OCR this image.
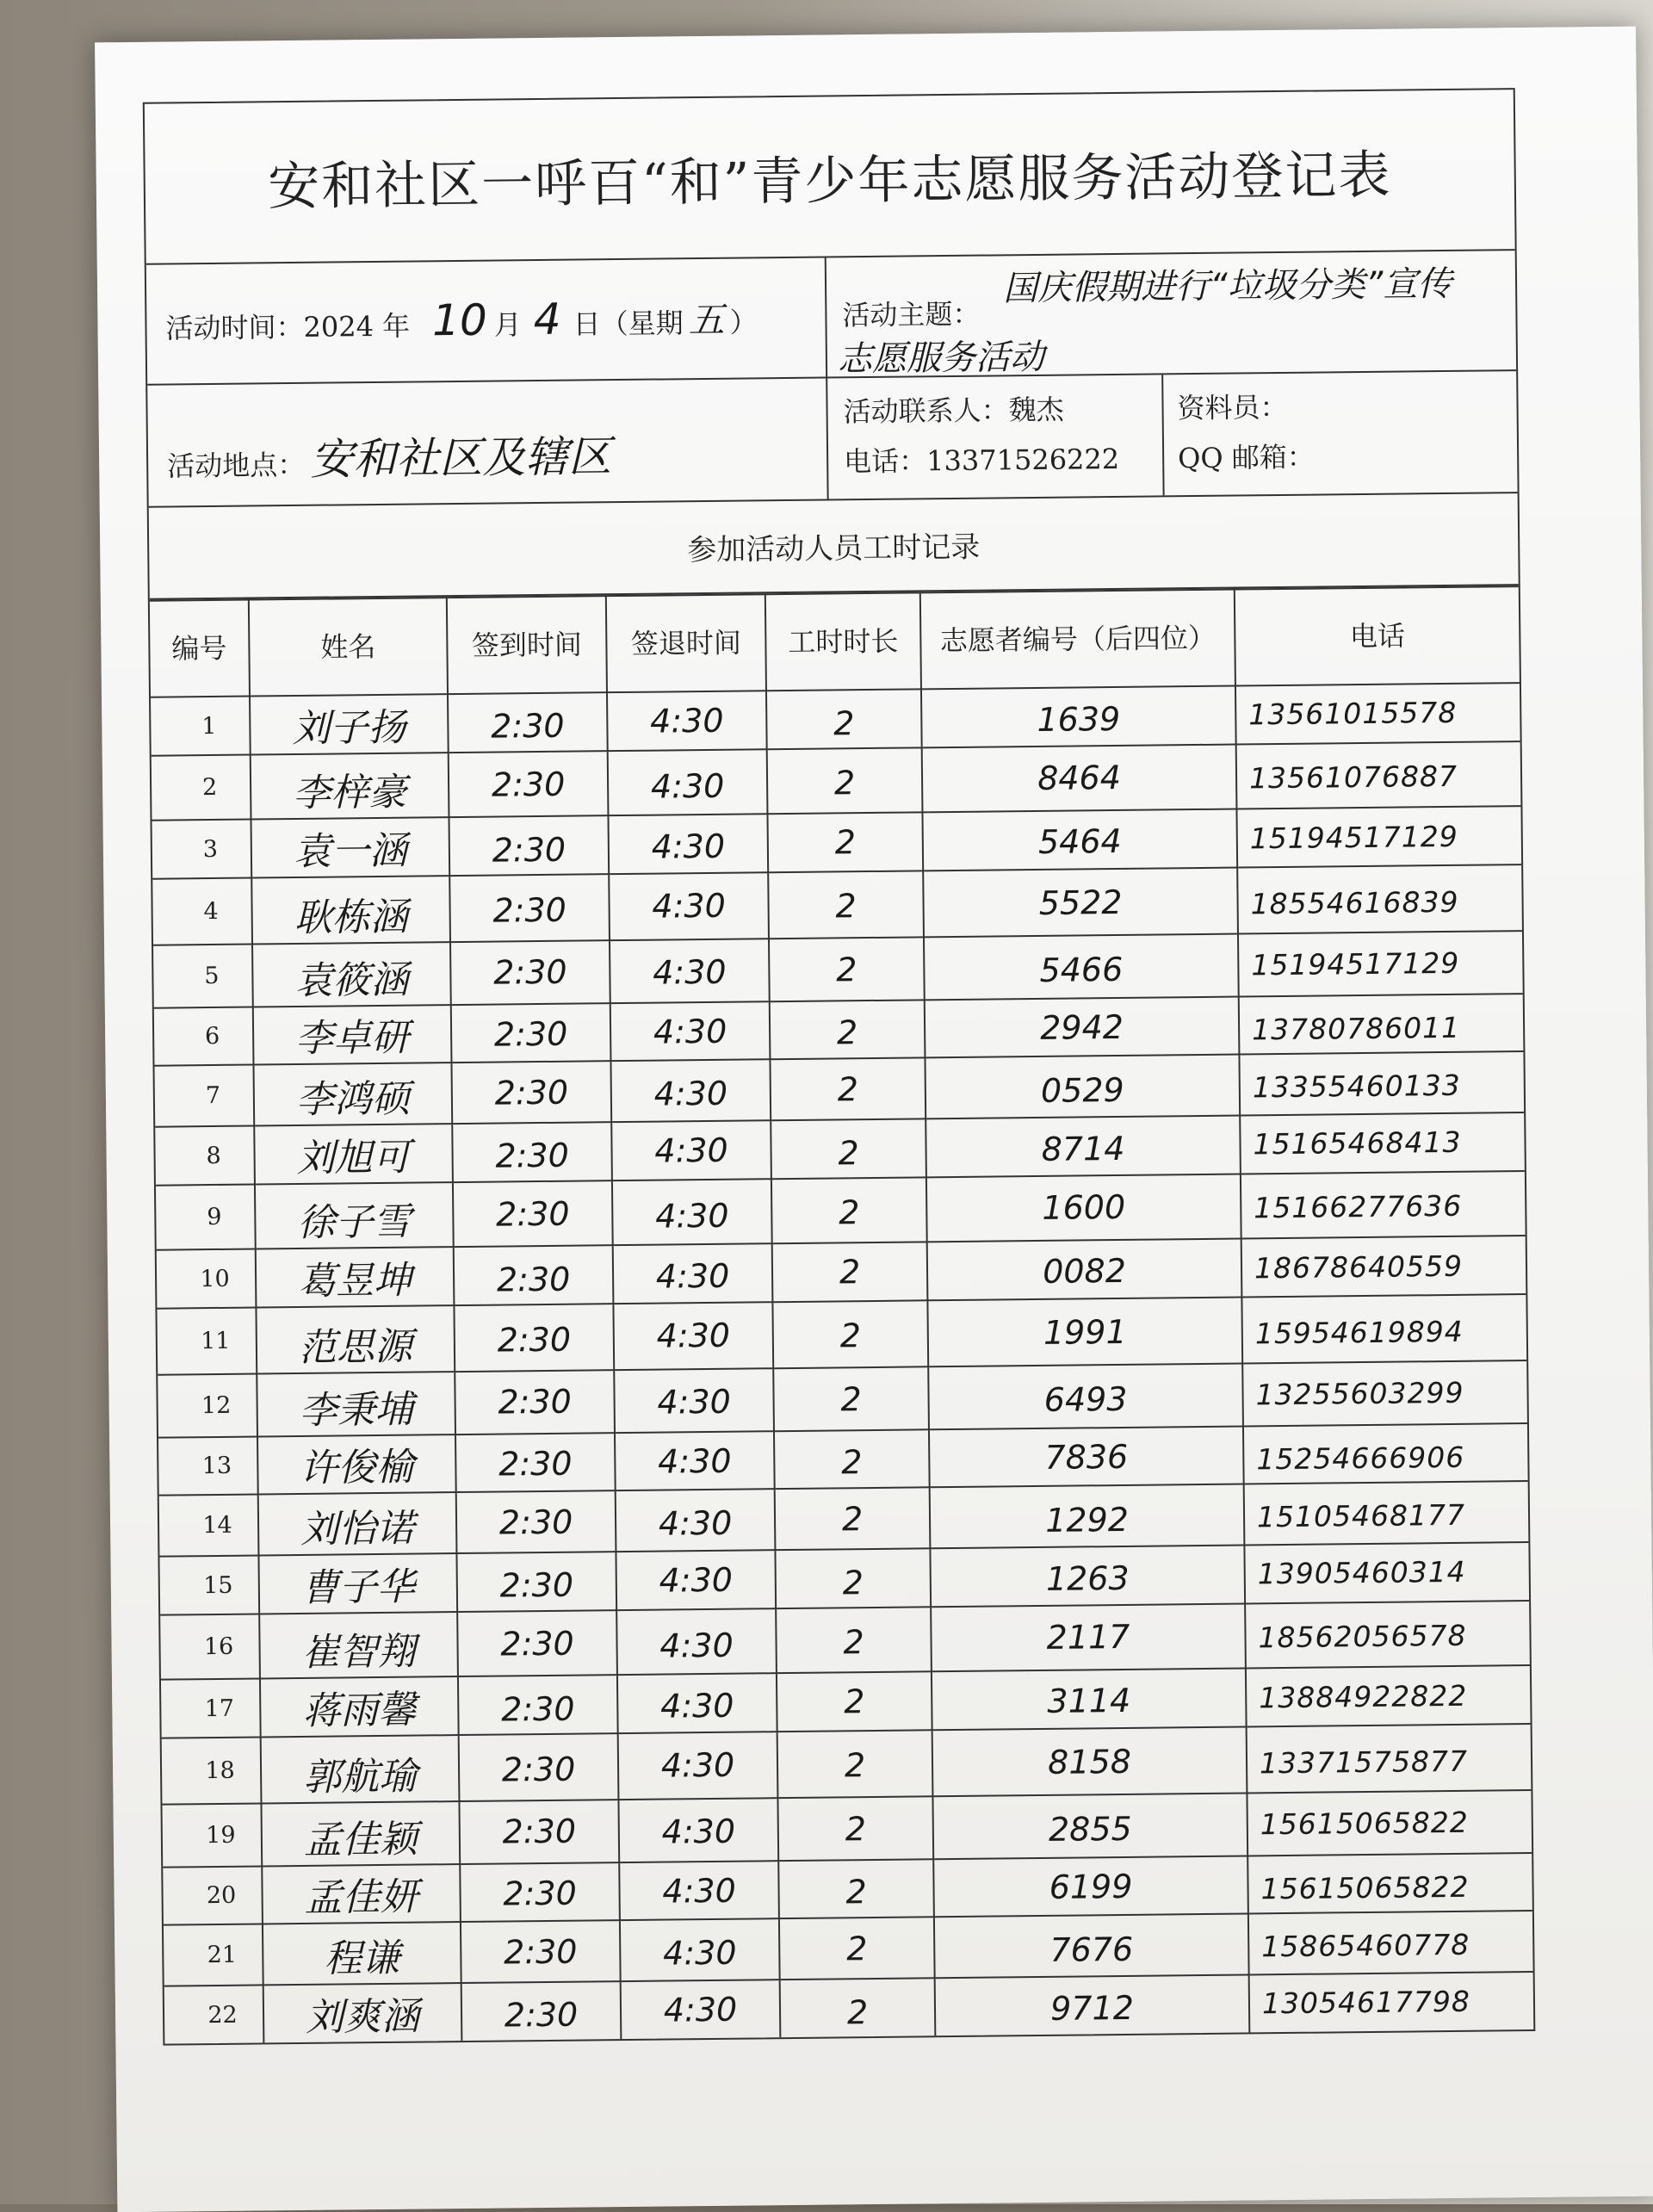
安和社区一呼百“和”青少年志愿服务活动登记表
活动时间：2024 年 10 月 4 日（星期 五 ）	活动主题：
国庆假期进行“垃圾分类”宣传
志愿服务活动
活动地点： 安和社区及辖区
活动联系人：魏杰
电话：13371526222
资料员：
QQ 邮箱：
参加活动人员工时记录
编号	姓名	签到时间	签退时间	工时时长	志愿者编号（后四位）	电话
1	刘子扬	2:30	4:30	2	1639	13561015578
2	李梓豪	2:30	4:30	2	8464	13561076887
3	袁一涵	2:30	4:30	2	5464	15194517129
4	耿栋涵	2:30	4:30	2	5522	18554616839
5	袁筱涵	2:30	4:30	2	5466	15194517129
6	李卓研	2:30	4:30	2	2942	13780786011
7	李鸿硕	2:30	4:30	2	0529	13355460133
8	刘旭可	2:30	4:30	2	8714	15165468413
9	徐子雪	2:30	4:30	2	1600	15166277636
10	葛昱坤	2:30	4:30	2	0082	18678640559
11	范思源	2:30	4:30	2	1991	15954619894
12	李秉埔	2:30	4:30	2	6493	13255603299
13	许俊榆	2:30	4:30	2	7836	15254666906
14	刘怡诺	2:30	4:30	2	1292	15105468177
15	曹子华	2:30	4:30	2	1263	13905460314
16	崔智翔	2:30	4:30	2	2117	18562056578
17	蒋雨馨	2:30	4:30	2	3114	13884922822
18	郭航瑜	2:30	4:30	2	8158	13371575877
19	孟佳颖	2:30	4:30	2	2855	15615065822
20	孟佳妍	2:30	4:30	2	6199	15615065822
21	程谦	2:30	4:30	2	7676	15865460778
22	刘爽涵	2:30	4:30	2	9712	13054617798
